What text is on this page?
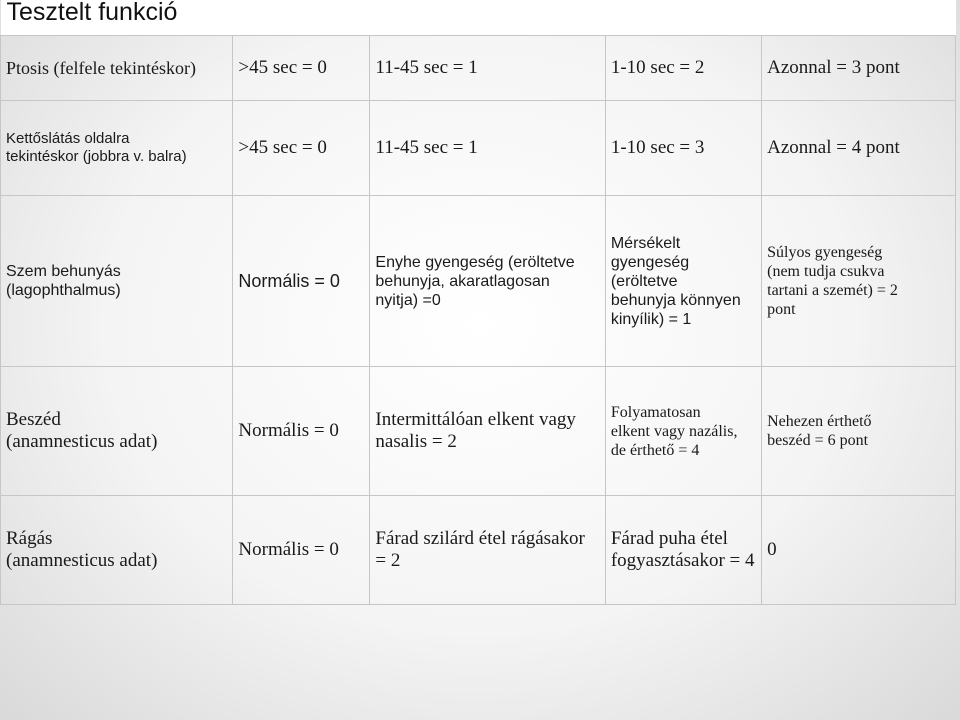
Tesztelt funkció				

Ptosis (felfele tekintéskor)	>45 sec = 0	11-45 sec = 1	1-10 sec = 2	Azonnal = 3 pont

Kettőslátás oldalra
tekintéskor (jobbra v. balra)	>45 sec = 0	11-45 sec = 1	1-10 sec = 3	Azonnal = 4 pont

Szem behunyás
(lagophthalmus)	Normális = 0	Enyhe gyengeség (eröltetve
behunyja, akaratlagosan
nyitja) =0	Mérsékelt
gyengeség
(eröltetve
behunyja könnyen
kinyílik) = 1	Súlyos gyengeség
(nem tudja csukva
tartani a szemét) = 2
pont

Beszéd
(anamnesticus adat)	Normális = 0	Intermittálóan elkent vagy
nasalis = 2	Folyamatosan
elkent vagy nazális,
de érthető = 4	Nehezen érthető
beszéd = 6 pont

Rágás
(anamnesticus adat)	Normális = 0	Fárad szilárd étel rágásakor
= 2	Fárad puha étel
fogyasztásakor = 4	0
